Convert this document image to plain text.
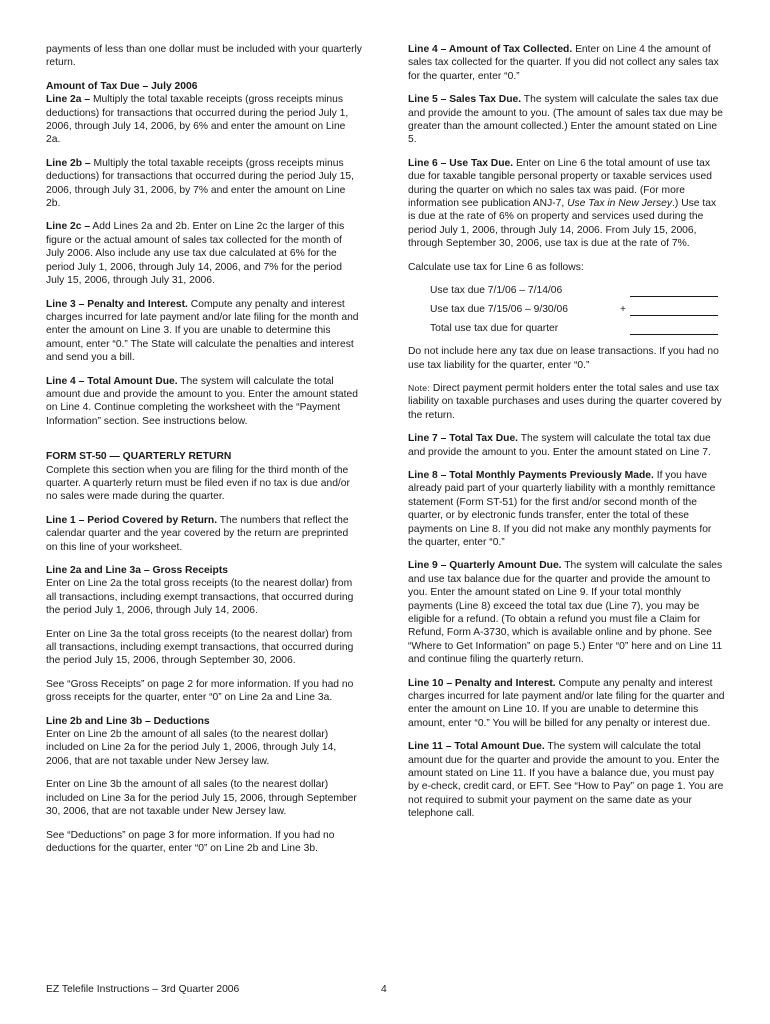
payments of less than one dollar must be included with your quarterly return.

Amount of Tax Due – July 2006
Line 2a – Multiply the total taxable receipts (gross receipts minus deductions) for transactions that occurred during the period July 1, 2006, through July 14, 2006, by 6% and enter the amount on Line 2a.

Line 2b – Multiply the total taxable receipts (gross receipts minus deductions) for transactions that occurred during the period July 15, 2006, through July 31, 2006, by 7% and enter the amount on Line 2b.

Line 2c – Add Lines 2a and 2b. Enter on Line 2c the larger of this figure or the actual amount of sales tax collected for the month of July 2006. Also include any use tax due calculated at 6% for the period July 1, 2006, through July 14, 2006, and 7% for the period July 15, 2006, through July 31, 2006.

Line 3 – Penalty and Interest. Compute any penalty and interest charges incurred for late payment and/or late filing for the month and enter the amount on Line 3. If you are unable to determine this amount, enter “0.” The State will calculate the penalties and interest and send you a bill.

Line 4 – Total Amount Due. The system will calculate the total amount due and provide the amount to you. Enter the amount stated on Line 4. Continue completing the worksheet with the “Payment Information” section. See instructions below.

FORM ST-50 — QUARTERLY RETURN
Complete this section when you are filing for the third month of the quarter. A quarterly return must be filed even if no tax is due and/or no sales were made during the quarter.

Line 1 – Period Covered by Return. The numbers that reflect the calendar quarter and the year covered by the return are preprinted on this line of your worksheet.

Line 2a and Line 3a – Gross Receipts
Enter on Line 2a the total gross receipts (to the nearest dollar) from all transactions, including exempt transactions, that occurred during the period July 1, 2006, through July 14, 2006.

Enter on Line 3a the total gross receipts (to the nearest dollar) from all transactions, including exempt transactions, that occurred during the period July 15, 2006, through September 30, 2006.

See “Gross Receipts” on page 2 for more information. If you had no gross receipts for the quarter, enter “0” on Line 2a and Line 3a.

Line 2b and Line 3b – Deductions
Enter on Line 2b the amount of all sales (to the nearest dollar) included on Line 2a for the period July 1, 2006, through July 14, 2006, that are not taxable under New Jersey law.

Enter on Line 3b the amount of all sales (to the nearest dollar) included on Line 3a for the period July 15, 2006, through September 30, 2006, that are not taxable under New Jersey law.

See “Deductions” on page 3 for more information. If you had no deductions for the quarter, enter “0” on Line 2b and Line 3b.

Line 4 – Amount of Tax Collected. Enter on Line 4 the amount of sales tax collected for the quarter. If you did not collect any sales tax for the quarter, enter “0.”

Line 5 – Sales Tax Due. The system will calculate the sales tax due and provide the amount to you. (The amount of sales tax due may be greater than the amount collected.) Enter the amount stated on Line 5.

Line 6 – Use Tax Due. Enter on Line 6 the total amount of use tax due for taxable tangible personal property or taxable services used during the quarter on which no sales tax was paid. (For more information see publication ANJ-7, Use Tax in New Jersey.) Use tax is due at the rate of 6% on property and services used during the period July 1, 2006, through July 14, 2006. From July 15, 2006, through September 30, 2006, use tax is due at the rate of 7%.

Calculate use tax for Line 6 as follows:

Use tax due 7/1/06 – 7/14/06
Use tax due 7/15/06 – 9/30/06	+
Total use tax due for quarter

Do not include here any tax due on lease transactions. If you had no use tax liability for the quarter, enter “0.”

Note: Direct payment permit holders enter the total sales and use tax liability on taxable purchases and uses during the quarter covered by the return.

Line 7 – Total Tax Due. The system will calculate the total tax due and provide the amount to you. Enter the amount stated on Line 7.

Line 8 – Total Monthly Payments Previously Made. If you have already paid part of your quarterly liability with a monthly remittance statement (Form ST-51) for the first and/or second month of the quarter, or by electronic funds transfer, enter the total of these payments on Line 8. If you did not make any monthly payments for the quarter, enter “0.”

Line 9 – Quarterly Amount Due. The system will calculate the sales and use tax balance due for the quarter and provide the amount to you. Enter the amount stated on Line 9. If your total monthly payments (Line 8) exceed the total tax due (Line 7), you may be eligible for a refund. (To obtain a refund you must file a Claim for Refund, Form A-3730, which is available online and by phone. See “Where to Get Information” on page 5.) Enter “0” here and on Line 11 and continue filing the quarterly return.

Line 10 – Penalty and Interest. Compute any penalty and interest charges incurred for late payment and/or late filing for the quarter and enter the amount on Line 10. If you are unable to determine this amount, enter “0.” You will be billed for any penalty or interest due.

Line 11 – Total Amount Due. The system will calculate the total amount due for the quarter and provide the amount to you. Enter the amount stated on Line 11. If you have a balance due, you must pay by e-check, credit card, or EFT. See “How to Pay” on page 1. You are not required to submit your payment on the same date as your telephone call.

EZ Telefile Instructions – 3rd Quarter 2006	4
